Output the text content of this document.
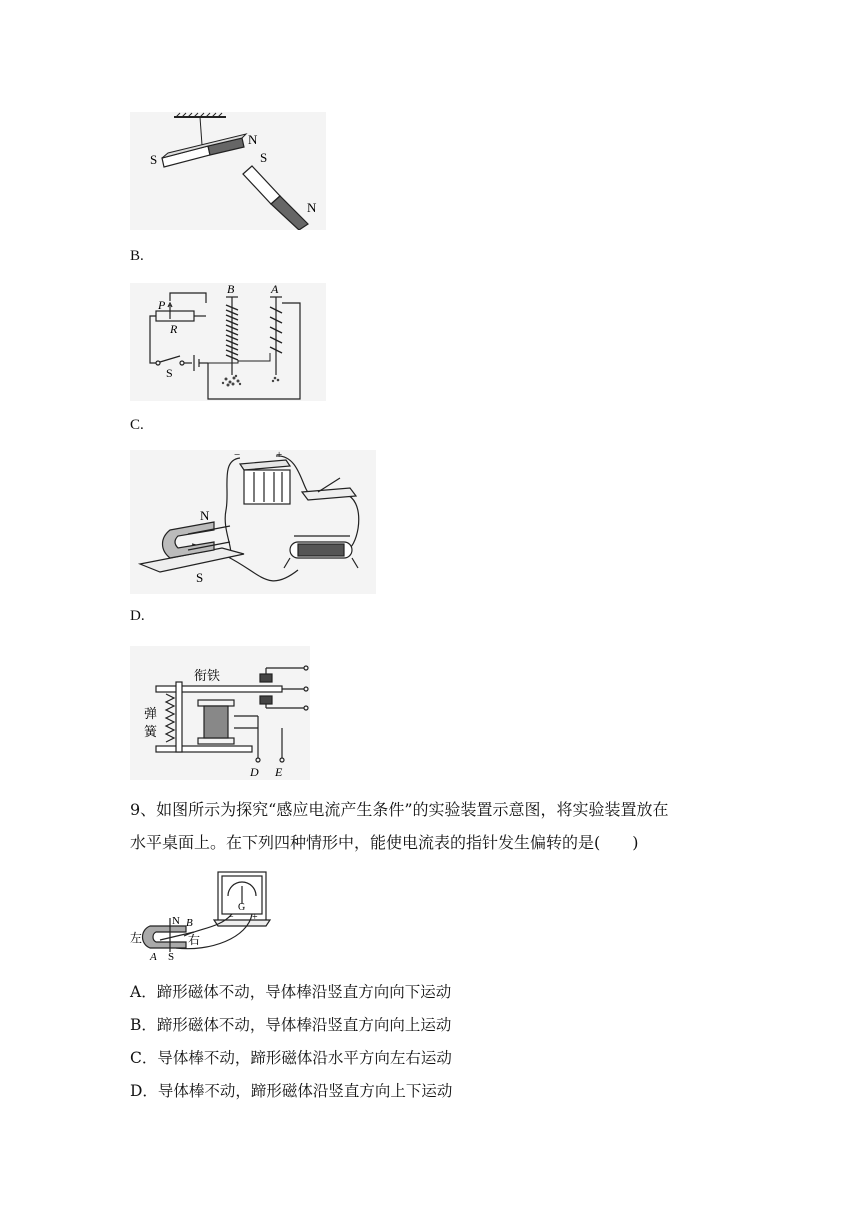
S
N
S
N
B.
B	A
P
R
S
C.
N
S
−	+
D.
衔铁
弹
簧
D E
9、如图所示为探究“感应电流产生条件”的实验装置示意图，将实验装置放在
水平桌面上。在下列四种情形中，能使电流表的指针发生偏转的是(　　)
左
N B
右
A S
G
− +
A．蹄形磁体不动，导体棒沿竖直方向向下运动
B．蹄形磁体不动，导体棒沿竖直方向向上运动
C．导体棒不动，蹄形磁体沿水平方向左右运动
D．导体棒不动，蹄形磁体沿竖直方向上下运动
